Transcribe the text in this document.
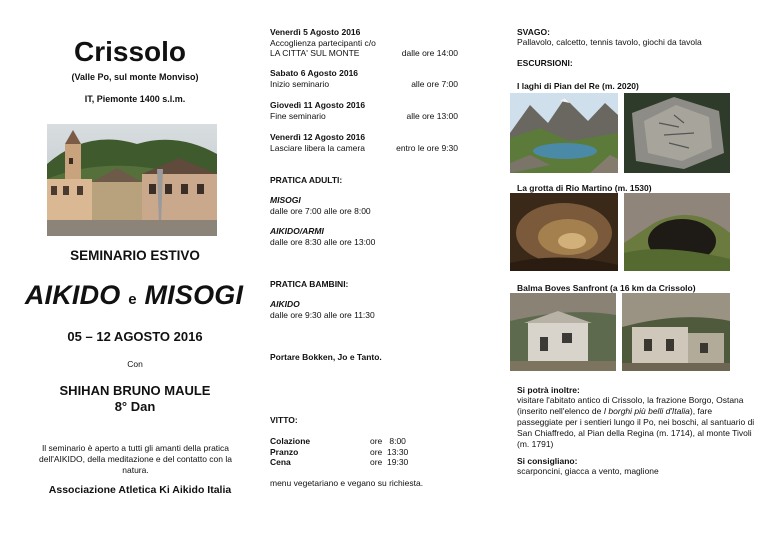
Crissolo
(Valle Po, sul monte Monviso)
IT, Piemonte 1400 s.l.m.
SEMINARIO ESTIVO
AIKIDO e MISOGI
05 – 12 AGOSTO 2016
Con
SHIHAN BRUNO MAULE
8° Dan
Il seminario è aperto a tutti gli amanti della pratica dell'AIKIDO, della meditazione e del contatto con la natura.
Associazione Atletica Ki Aikido Italia
Venerdì 5 Agosto 2016
Accoglienza partecipanti c/o
LA CITTA' SUL MONTE	dalle ore 14:00
Sabato 6 Agosto 2016
Inizio seminario	alle ore 7:00
Giovedì 11 Agosto 2016
Fine seminario	alle ore 13:00
Venerdì 12 Agosto 2016
Lasciare libera la camera	entro le ore 9:30
PRATICA ADULTI:
MISOGI
dalle ore 7:00 alle ore 8:00
AIKIDO/ARMI
dalle ore 8:30 alle ore 13:00
PRATICA BAMBINI:
AIKIDO
dalle ore 9:30 alle ore 11:30
Portare Bokken, Jo e Tanto.
VITTO:
Colazione	ore   8:00
Pranzo	ore  13:30
Cena	ore  19:30
menu vegetariano e vegano su richiesta.
SVAGO:
Pallavolo, calcetto, tennis tavolo, giochi da tavola
ESCURSIONI:
I laghi di Pian del Re (m. 2020)
La grotta di Rio Martino (m. 1530)
Balma Boves Sanfront (a 16 km da Crissolo)
Si potrà inoltre:
visitare l'abitato antico di Crissolo, la frazione Borgo, Ostana (inserito nell'elenco de I borghi più belli d'Italia), fare passeggiate per i sentieri lungo il Po, nei boschi, al santuario di San Chiaffredo, al Pian della Regina (m. 1714), al monte Tivoli (m. 1791)
Si consigliano:
scarponcini, giacca a vento, maglione
